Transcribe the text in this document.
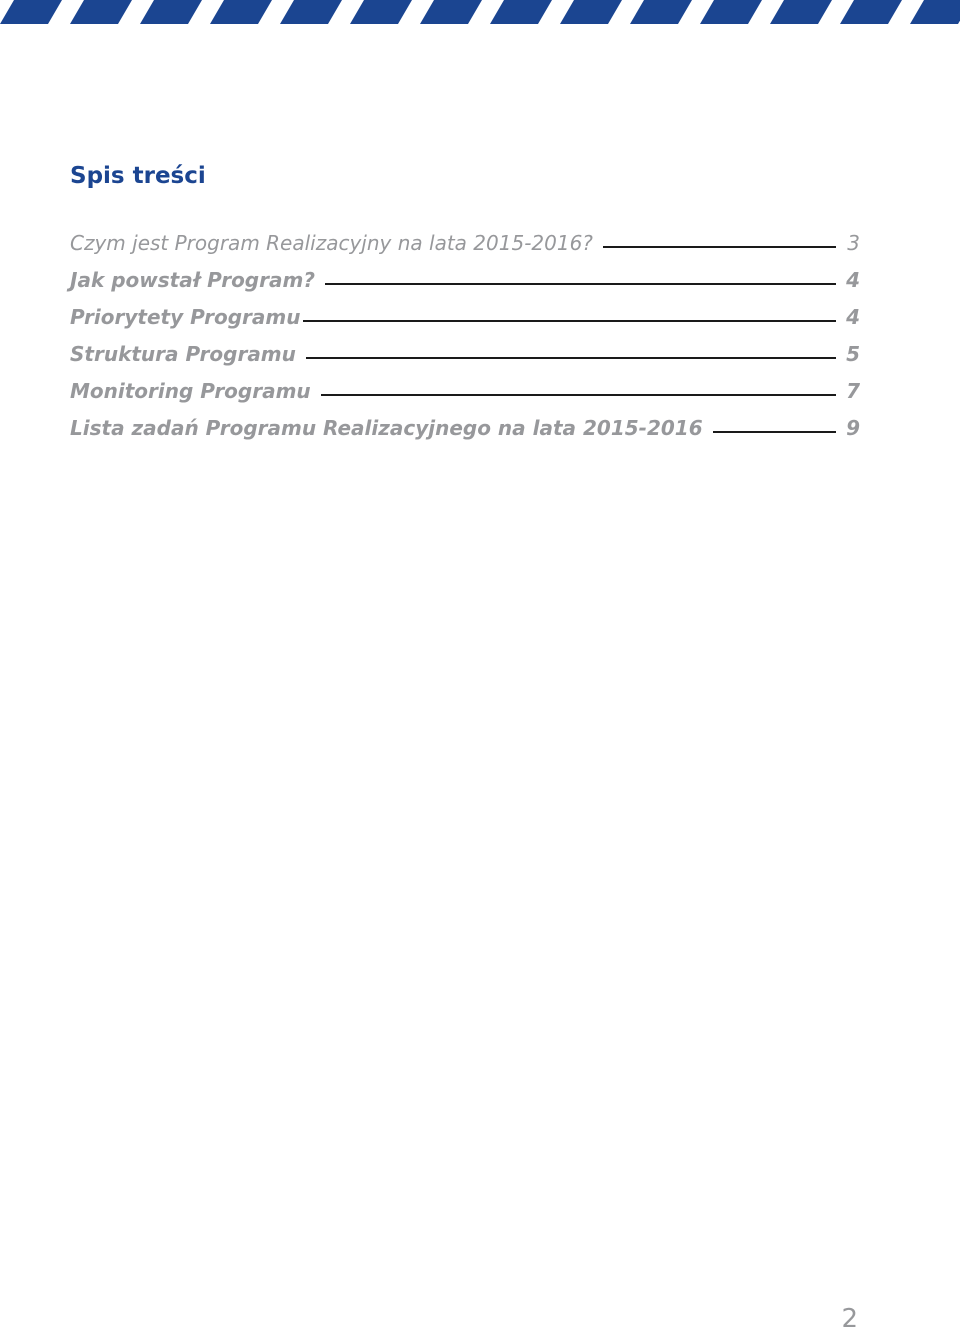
Spis treści
Czym jest Program Realizacyjny na lata 2015-2016?	3
Jak powstał Program?	4
Priorytety Programu	4
Struktura Programu	5
Monitoring Programu	7
Lista zadań Programu Realizacyjnego na lata 2015-2016	9
2
